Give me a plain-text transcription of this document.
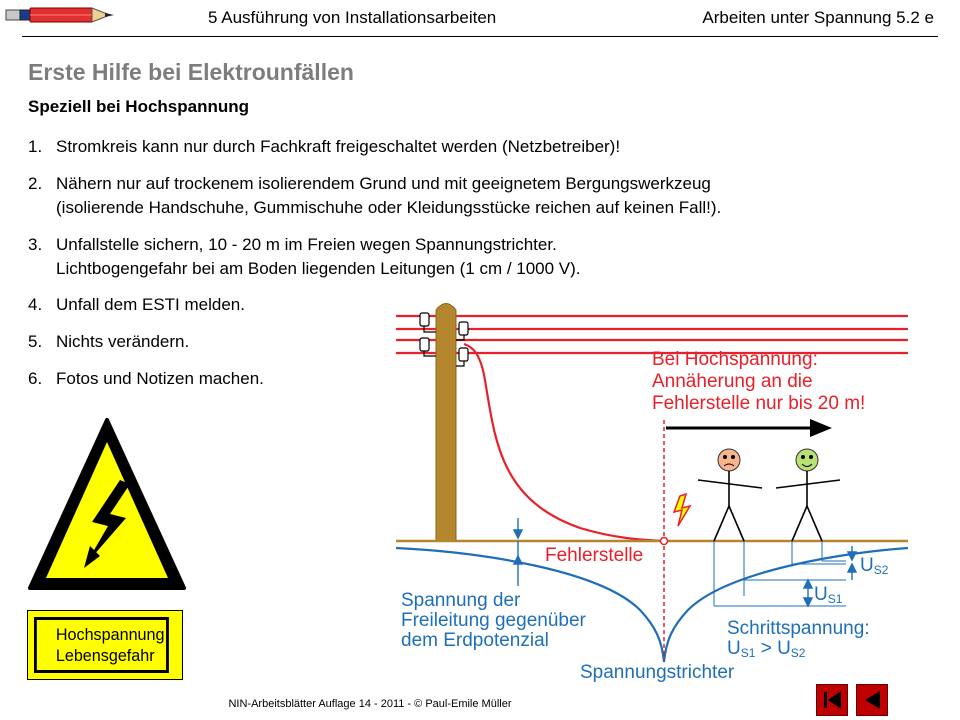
5 Ausführung von Installationsarbeiten	Arbeiten unter Spannung 5.2 e
Erste Hilfe bei Elektrounfällen
Speziell bei Hochspannung
1. Stromkreis kann nur durch Fachkraft freigeschaltet werden (Netzbetreiber)!
2. Nähern nur auf trockenem isolierendem Grund und mit geeignetem Bergungswerkzeug
(isolierende Handschuhe, Gummischuhe oder Kleidungsstücke reichen auf keinen Fall!).
3. Unfallstelle sichern, 10 - 20 m im Freien wegen Spannungstrichter.
Lichtbogengefahr bei am Boden liegenden Leitungen (1 cm / 1000 V).
4. Unfall dem ESTI melden.
5. Nichts verändern.
6. Fotos und Notizen machen.
Hochspannung
Lebensgefahr
Bei Hochspannung:
Annäherung an die
Fehlerstelle nur bis 20 m!
Fehlerstelle
Spannung der
Freileitung gegenüber
dem Erdpotenzial
Spannungstrichter
Schrittspannung:
US1 > US2
US1
US2
NIN-Arbeitsblätter Auflage 14 - 2011 - © Paul-Emile Müller
